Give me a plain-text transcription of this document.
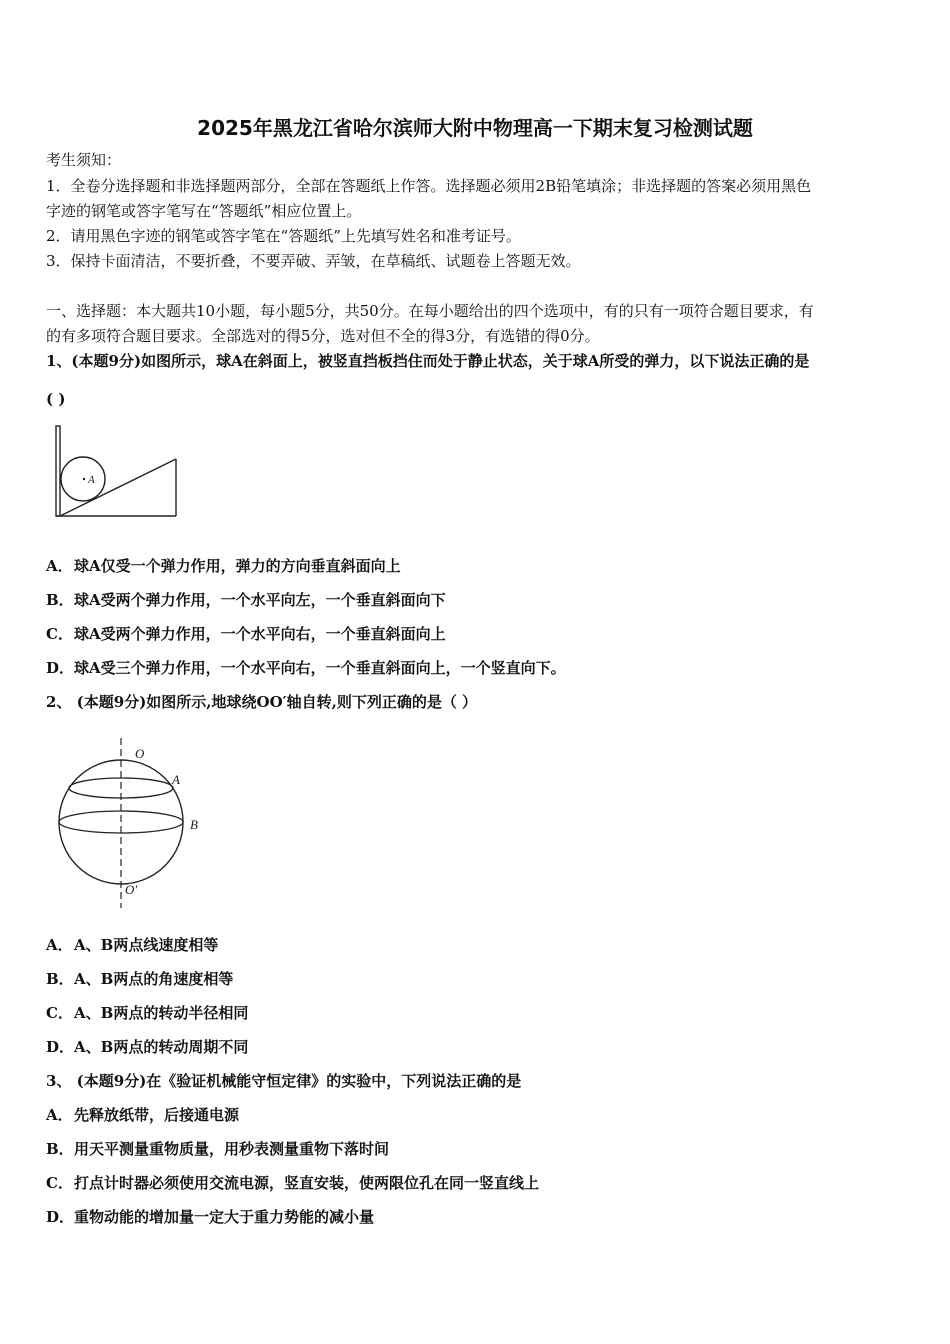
2025年黑龙江省哈尔滨师大附中物理高一下期末复习检测试题
考生须知：
1．全卷分选择题和非选择题两部分，全部在答题纸上作答。选择题必须用2B铅笔填涂；非选择题的答案必须用黑色
字迹的钢笔或答字笔写在“答题纸”相应位置上。
2．请用黑色字迹的钢笔或答字笔在“答题纸”上先填写姓名和准考证号。
3．保持卡面清洁，不要折叠，不要弄破、弄皱，在草稿纸、试题卷上答题无效。
一、选择题：本大题共10小题，每小题5分，共50分。在每小题给出的四个选项中，有的只有一项符合题目要求，有
的有多项符合题目要求。全部选对的得5分，选对但不全的得3分，有选错的得0分。
1、(本题9分)如图所示，球A在斜面上，被竖直挡板挡住而处于静止状态，关于球A所受的弹力，以下说法正确的是
( )
A
A．球A仅受一个弹力作用，弹力的方向垂直斜面向上
B．球A受两个弹力作用，一个水平向左，一个垂直斜面向下
C．球A受两个弹力作用，一个水平向右，一个垂直斜面向上
D．球A受三个弹力作用，一个水平向右，一个垂直斜面向上，一个竖直向下。
2、 (本题9分)如图所示,地球绕OO′轴自转,则下列正确的是（ ）
O
A
B
O′
A．A、B两点线速度相等
B．A、B两点的角速度相等
C．A、B两点的转动半径相同
D．A、B两点的转动周期不同
3、 (本题9分)在《验证机械能守恒定律》的实验中，下列说法正确的是
A．先释放纸带，后接通电源
B．用天平测量重物质量，用秒表测量重物下落时间
C．打点计时器必须使用交流电源，竖直安装，使两限位孔在同一竖直线上
D．重物动能的增加量一定大于重力势能的减小量
